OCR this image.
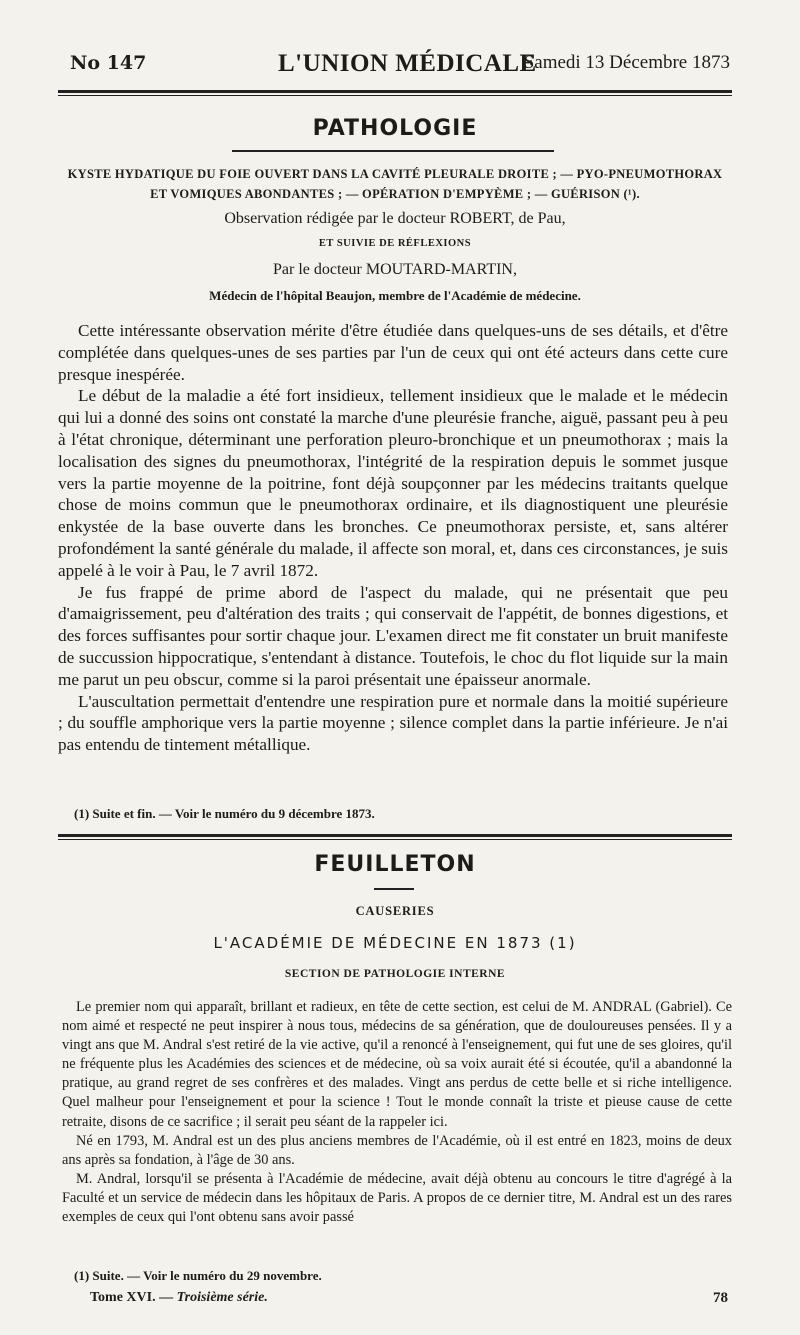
No 147	L'UNION MÉDICALE
Samedi 13 Décembre 1873
PATHOLOGIE
KYSTE HYDATIQUE DU FOIE OUVERT DANS LA CAVITÉ PLEURALE DROITE ; — PYO-PNEUMOTHORAX ET VOMIQUES ABONDANTES ; — OPÉRATION D'EMPYÈME ; — GUÉRISON (¹).
Observation rédigée par le docteur ROBERT, de Pau,
ET SUIVIE DE RÉFLEXIONS
Par le docteur MOUTARD-MARTIN,
Médecin de l'hôpital Beaujon, membre de l'Académie de médecine.

Cette intéressante observation mérite d'être étudiée dans quelques-uns de ses détails, et d'être complétée dans quelques-unes de ses parties par l'un de ceux qui ont été acteurs dans cette cure presque inespérée.

Le début de la maladie a été fort insidieux, tellement insidieux que le malade et le médecin qui lui a donné des soins ont constaté la marche d'une pleurésie franche, aiguë, passant peu à peu à l'état chronique, déterminant une perforation pleuro-bronchique et un pneumothorax ; mais la localisation des signes du pneumothorax, l'intégrité de la respiration depuis le sommet jusque vers la partie moyenne de la poitrine, font déjà soupçonner par les médecins traitants quelque chose de moins commun que le pneumothorax ordinaire, et ils diagnostiquent une pleurésie enkystée de la base ouverte dans les bronches. Ce pneumothorax persiste, et, sans altérer profondément la santé générale du malade, il affecte son moral, et, dans ces circonstances, je suis appelé à le voir à Pau, le 7 avril 1872.

Je fus frappé de prime abord de l'aspect du malade, qui ne présentait que peu d'amaigrissement, peu d'altération des traits ; qui conservait de l'appétit, de bonnes digestions, et des forces suffisantes pour sortir chaque jour. L'examen direct me fit constater un bruit manifeste de succussion hippocratique, s'entendant à distance. Toutefois, le choc du flot liquide sur la main me parut un peu obscur, comme si la paroi présentait une épaisseur anormale.

L'auscultation permettait d'entendre une respiration pure et normale dans la moitié supérieure ; du souffle amphorique vers la partie moyenne ; silence complet dans la partie inférieure. Je n'ai pas entendu de tintement métallique.

(1) Suite et fin. — Voir le numéro du 9 décembre 1873.
FEUILLETON
CAUSERIES
L'ACADÉMIE DE MÉDECINE EN 1873 (1)
SECTION DE PATHOLOGIE INTERNE

Le premier nom qui apparaît, brillant et radieux, en tête de cette section, est celui de M. ANDRAL (Gabriel). Ce nom aimé et respecté ne peut inspirer à nous tous, médecins de sa génération, que de douloureuses pensées. Il y a vingt ans que M. Andral s'est retiré de la vie active, qu'il a renoncé à l'enseignement, qui fut une de ses gloires, qu'il ne fréquente plus les Académies des sciences et de médecine, où sa voix aurait été si écoutée, qu'il a abandonné la pratique, au grand regret de ses confrères et des malades. Vingt ans perdus de cette belle et si riche intelligence. Quel malheur pour l'enseignement et pour la science ! Tout le monde connaît la triste et pieuse cause de cette retraite, disons de ce sacrifice ; il serait peu séant de la rappeler ici.

Né en 1793, M. Andral est un des plus anciens membres de l'Académie, où il est entré en 1823, moins de deux ans après sa fondation, à l'âge de 30 ans.

M. Andral, lorsqu'il se présenta à l'Académie de médecine, avait déjà obtenu au concours le titre d'agrégé à la Faculté et un service de médecin dans les hôpitaux de Paris. A propos de ce dernier titre, M. Andral est un des rares exemples de ceux qui l'ont obtenu sans avoir passé

(1) Suite. — Voir le numéro du 29 novembre.
Tome XVI. — Troisième série.	78
